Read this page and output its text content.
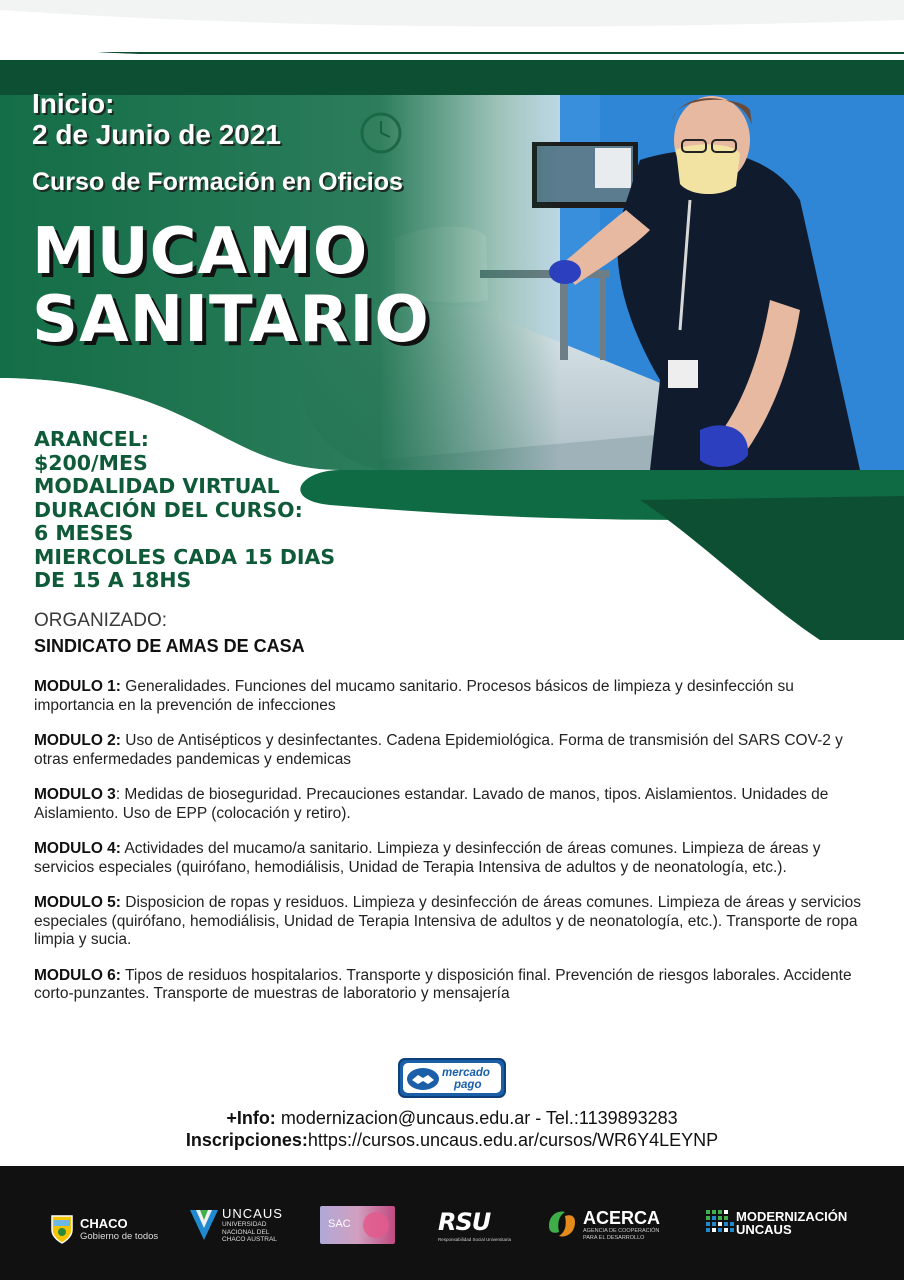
Inicio:
2 de Junio de 2021
Curso de Formación en Oficios
MUCAMO
SANITARIO
ARANCEL:
$200/MES
MODALIDAD VIRTUAL
DURACIÓN DEL CURSO:
6 MESES
MIERCOLES CADA 15 DIAS
DE 15 A 18HS
ORGANIZADO:
SINDICATO DE AMAS DE CASA
MODULO 1: Generalidades. Funciones del mucamo sanitario. Procesos básicos de limpieza y desinfección su importancia en la prevención de infecciones
MODULO 2: Uso de Antisépticos y desinfectantes. Cadena Epidemiológica. Forma de transmisión del SARS COV-2 y otras enfermedades pandemicas y endemicas
MODULO 3: Medidas de bioseguridad. Precauciones estandar. Lavado de manos, tipos. Aislamientos. Unidades de Aislamiento. Uso de EPP (colocación y retiro).
MODULO 4: Actividades del mucamo/a sanitario. Limpieza y desinfección de áreas comunes. Limpieza de áreas y servicios especiales (quirófano, hemodiálisis, Unidad de Terapia Intensiva de adultos y de neonatología, etc.).
MODULO 5: Disposicion de ropas y residuos. Limpieza y desinfección de áreas comunes. Limpieza de áreas y servicios especiales (quirófano, hemodiálisis, Unidad de Terapia Intensiva de adultos y de neonatología, etc.). Transporte de ropa limpia y sucia.
MODULO 6: Tipos de residuos hospitalarios. Transporte y disposición final. Prevención de riesgos laborales. Accidente corto-punzantes. Transporte de muestras de laboratorio y mensajería
mercado
pago
+Info: modernizacion@uncaus.edu.ar - Tel.:1139893283
Inscripciones:https://cursos.uncaus.edu.ar/cursos/WR6Y4LEYNP
CHACO
Gobierno de todos
UNCAUS
UNIVERSIDAD
NACIONAL DEL
CHACO AUSTRAL
SAC	RSU
Responsabilidad Social Universitaria
ACERCA
AGENCIA DE COOPERACIÓN
PARA EL DESARROLLO
MODERNIZACIÓN
UNCAUS
